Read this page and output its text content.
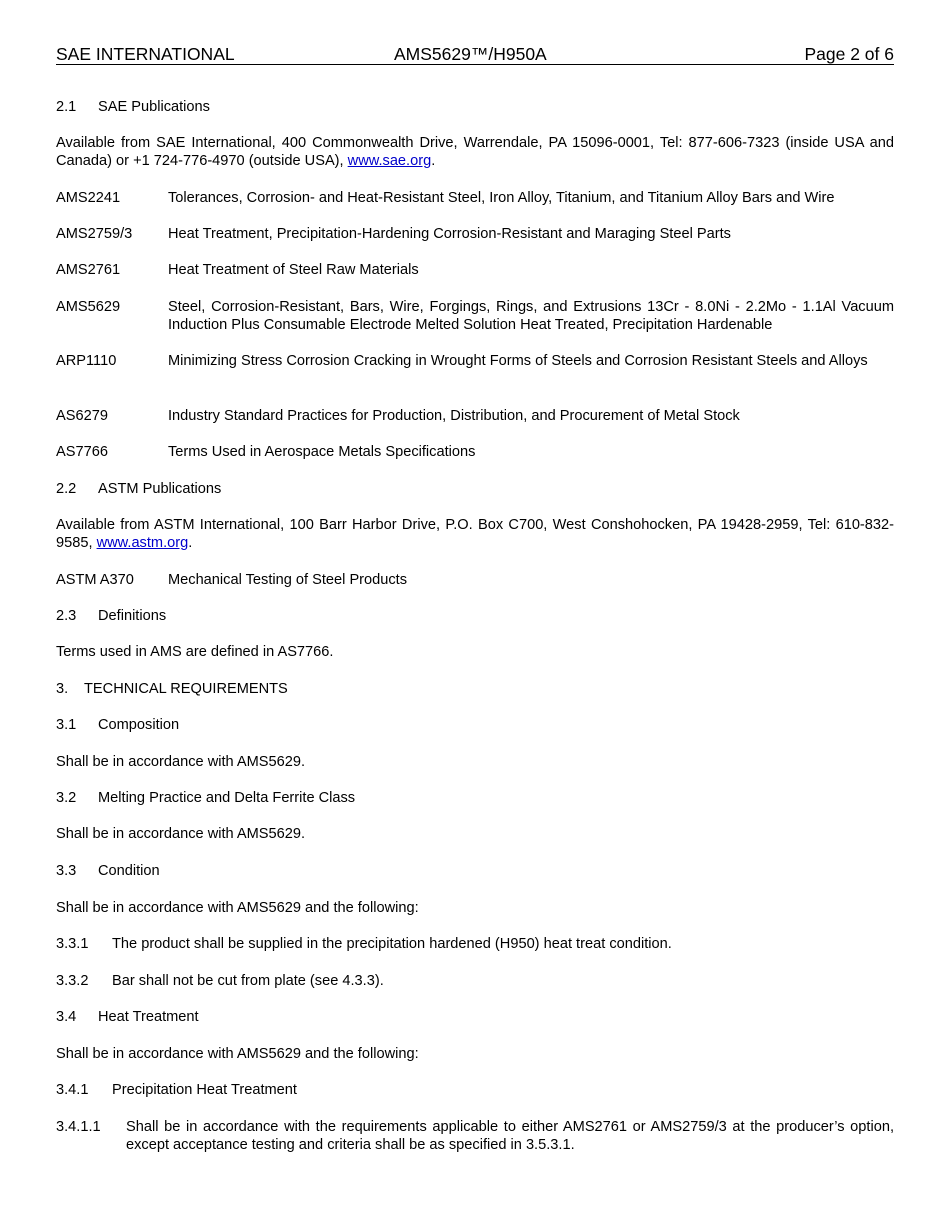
SAE INTERNATIONAL	AMS5629™/H950A	Page 2 of 6
2.1 SAE Publications
Available from SAE International, 400 Commonwealth Drive, Warrendale, PA 15096-0001, Tel: 877-606-7323 (inside USA and Canada) or +1 724-776-4970 (outside USA), www.sae.org.
AMS2241	Tolerances, Corrosion- and Heat-Resistant Steel, Iron Alloy, Titanium, and Titanium Alloy Bars and Wire
AMS2759/3 Heat Treatment, Precipitation-Hardening Corrosion-Resistant and Maraging Steel Parts
AMS2761	Heat Treatment of Steel Raw Materials
AMS5629	Steel, Corrosion-Resistant, Bars, Wire, Forgings, Rings, and Extrusions 13Cr - 8.0Ni - 2.2Mo - 1.1Al Vacuum Induction Plus Consumable Electrode Melted Solution Heat Treated, Precipitation Hardenable
ARP1110	Minimizing Stress Corrosion Cracking in Wrought Forms of Steels and Corrosion Resistant Steels and Alloys
AS6279	Industry Standard Practices for Production, Distribution, and Procurement of Metal Stock
AS7766	Terms Used in Aerospace Metals Specifications
2.2 ASTM Publications
Available from ASTM International, 100 Barr Harbor Drive, P.O. Box C700, West Conshohocken, PA 19428-2959, Tel: 610-832-9585, www.astm.org.
ASTM A370 Mechanical Testing of Steel Products
2.3 Definitions
Terms used in AMS are defined in AS7766.
3. TECHNICAL REQUIREMENTS
3.1 Composition
Shall be in accordance with AMS5629.
3.2 Melting Practice and Delta Ferrite Class
Shall be in accordance with AMS5629.
3.3 Condition
Shall be in accordance with AMS5629 and the following:
3.3.1 The product shall be supplied in the precipitation hardened (H950) heat treat condition.
3.3.2 Bar shall not be cut from plate (see 4.3.3).
3.4 Heat Treatment
Shall be in accordance with AMS5629 and the following:
3.4.1 Precipitation Heat Treatment
3.4.1.1 Shall be in accordance with the requirements applicable to either AMS2761 or AMS2759/3 at the producer’s option, except acceptance testing and criteria shall be as specified in 3.5.3.1.
